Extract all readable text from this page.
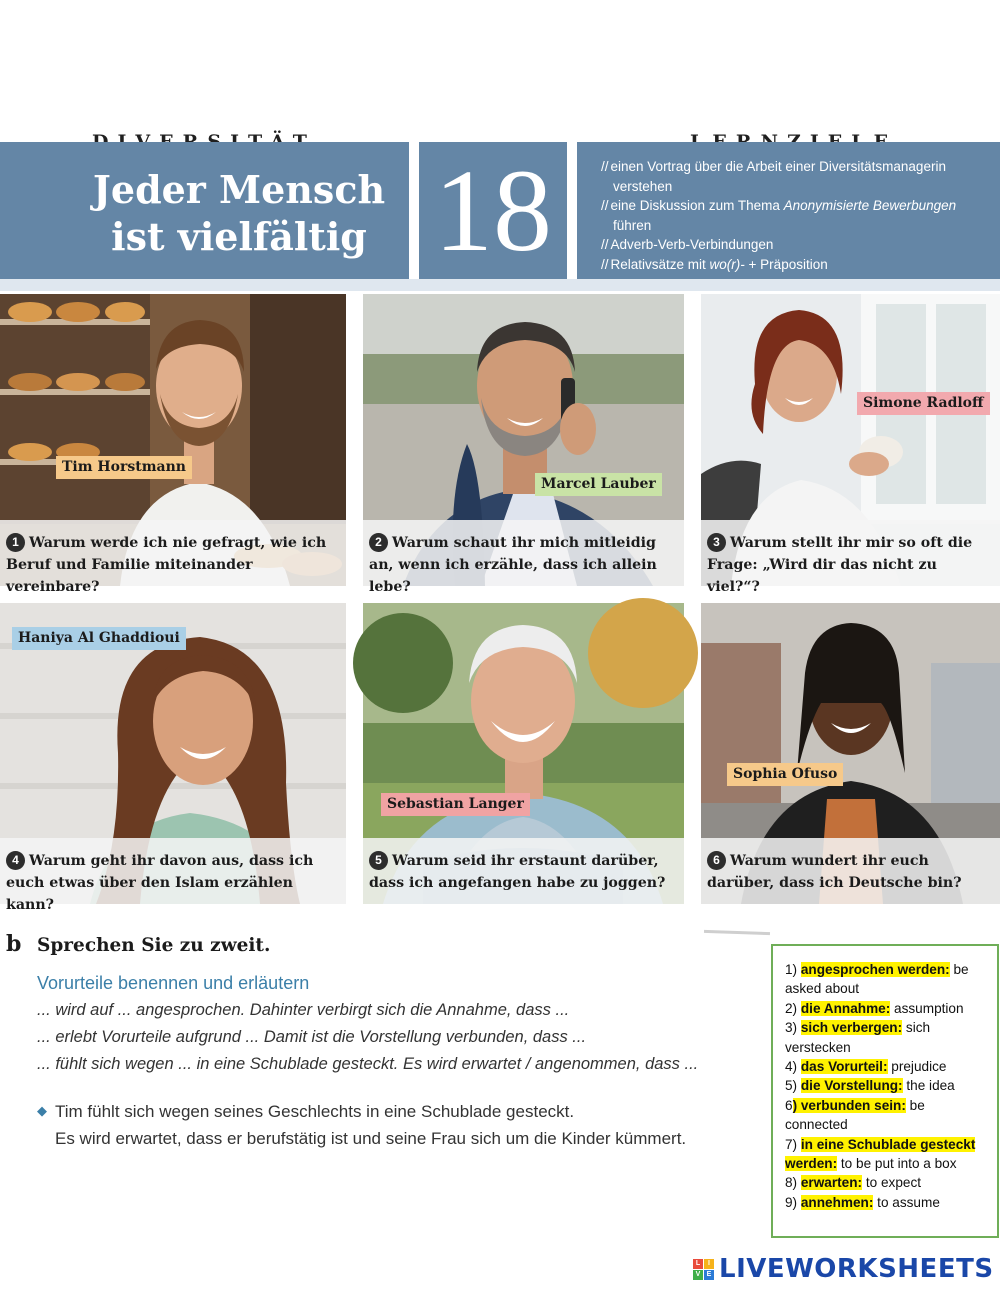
Jeder Mensch
ist vielfältig 18	// einen Vortrag über die Arbeit einer Diversitätsmanagerin verstehen
// eine Diskussion zum Thema Anonymisierte Bewerbungen führen
// Adverb-Verb-Verbindungen
// Relativsätze mit wo(r)- + Präposition
Tim Horstmann
1 Warum werde ich nie gefragt, wie ich Beruf und Familie miteinander vereinbare?
Marcel Lauber
2 Warum schaut ihr mich mitleidig an, wenn ich erzähle, dass ich allein lebe?
Simone Radloff
3 Warum stellt ihr mir so oft die Frage: „Wird dir das nicht zu viel?“?
Haniya Al Ghaddioui
4 Warum geht ihr davon aus, dass ich euch etwas über den Islam erzählen kann?
Sebastian Langer
5 Warum seid ihr erstaunt darüber, dass ich angefangen habe zu joggen?
Sophia Ofuso
6 Warum wundert ihr euch darüber, dass ich Deutsche bin?
b Sprechen Sie zu zweit.
Vorurteile benennen und erläutern
... wird auf ... angesprochen. Dahinter verbirgt sich die Annahme, dass ...
... erlebt Vorurteile aufgrund ... Damit ist die Vorstellung verbunden, dass ...
... fühlt sich wegen ... in eine Schublade gesteckt. Es wird erwartet / angenommen, dass ...
◆ Tim fühlt sich wegen seines Geschlechts in eine Schublade gesteckt.
Es wird erwartet, dass er berufstätig ist und seine Frau sich um die Kinder kümmert.
1) angesprochen werden: be asked about
2) die Annahme: assumption
3) sich verbergen: sich verstecken
4) das Vorurteil: prejudice
5) die Vorstellung: the idea
6) verbunden sein: be connected
7) in eine Schublade gesteckt werden: to be put into a box
8) erwarten: to expect
9) annehmen: to assume
L	I
V E LIVEWORKSHEETS
